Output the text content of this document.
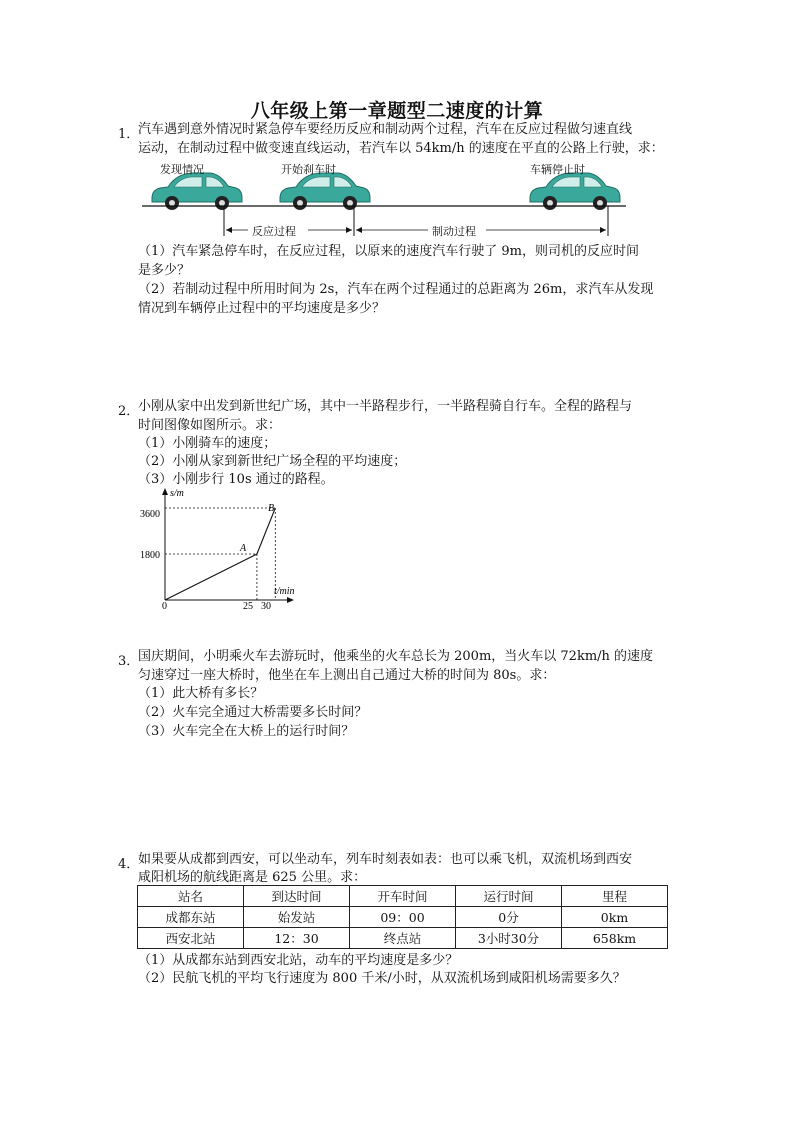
八年级上第一章题型二速度的计算
1．
汽车遇到意外情况时紧急停车要经历反应和制动两个过程，汽车在反应过程做匀速直线
运动，在制动过程中做变速直线运动，若汽车以 54km/h 的速度在平直的公路上行驶，求：
发现情况	开始刹车时	车辆停止时
反应过程	制动过程
（1）汽车紧急停车时，在反应过程，以原来的速度汽车行驶了 9m，则司机的反应时间
是多少？
（2）若制动过程中所用时间为 2s，汽车在两个过程通过的总距离为 26m，求汽车从发现
情况到车辆停止过程中的平均速度是多少？
2．
小刚从家中出发到新世纪广场，其中一半路程步行，一半路程骑自行车。全程的路程与
时间图像如图所示。求：
（1）小刚骑车的速度；
（2）小刚从家到新世纪广场全程的平均速度；
（3）小刚步行 10s 通过的路程。
s/m
t/min
3600
1800
0	25 30
A
B
3．
国庆期间，小明乘火车去游玩时，他乘坐的火车总长为 200m，当火车以 72km/h 的速度
匀速穿过一座大桥时，他坐在车上测出自己通过大桥的时间为 80s。求：
（1）此大桥有多长？
（2）火车完全通过大桥需要多长时间？
（3）火车完全在大桥上的运行时间？
4．
如果要从成都到西安，可以坐动车，列车时刻表如表：也可以乘飞机，双流机场到西安
咸阳机场的航线距离是 625 公里。求：
站名	到达时间	开车时间	运行时间	里程
成都东站	始发站	09：00	0分	0km
西安北站	12：30	终点站	3小时30分	658km
（1）从成都东站到西安北站，动车的平均速度是多少？
（2）民航飞机的平均飞行速度为 800 千米/小时，从双流机场到咸阳机场需要多久？
